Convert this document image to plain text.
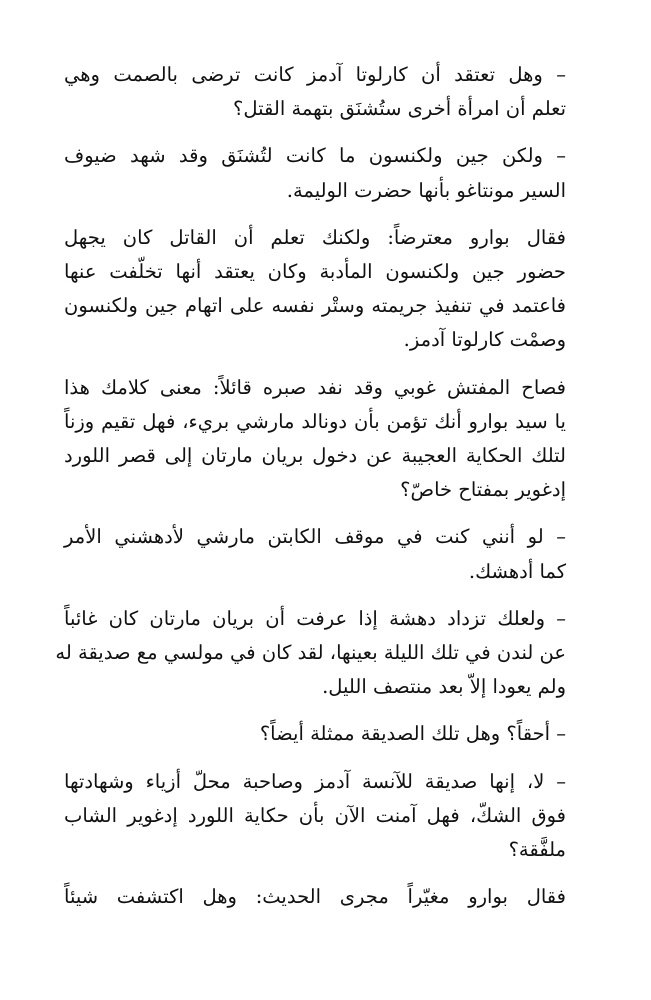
– وهل تعتقد أن كارلوتا آدمز كانت ترضى بالصمت وهي
تعلم أن امرأة أخرى ستُشنَق بتهمة القتل؟

– ولكن جين ولكنسون ما كانت لتُشنَق وقد شهد ضيوف
السير مونتاغو بأنها حضرت الوليمة.

فقال بوارو معترضاً: ولكنك تعلم أن القاتل كان يجهل
حضور جين ولكنسون المأدبة وكان يعتقد أنها تخلّفت عنها
فاعتمد في تنفيذ جريمته وستْر نفسه على اتهام جين ولكنسون
وصمْت كارلوتا آدمز.

فصاح المفتش غوبي وقد نفد صبره قائلاً: معنى كلامك هذا
يا سيد بوارو أنك تؤمن بأن دونالد مارشي بريء، فهل تقيم وزناً
لتلك الحكاية العجيبة عن دخول بريان مارتان إلى قصر اللورد
إدغوير بمفتاح خاصّ؟

– لو أنني كنت في موقف الكابتن مارشي لأدهشني الأمر
كما أدهشك.

– ولعلك تزداد دهشة إذا عرفت أن بريان مارتان كان غائباً
عن لندن في تلك الليلة بعينها، لقد كان في مولسي مع صديقة له
ولم يعودا إلاّ بعد منتصف الليل.

– أحقاً؟ وهل تلك الصديقة ممثلة أيضاً؟

– لا، إنها صديقة للآنسة آدمز وصاحبة محلّ أزياء وشهادتها
فوق الشكّ، فهل آمنت الآن بأن حكاية اللورد إدغوير الشاب
ملفَّقة؟

فقال بوارو مغيّراً مجرى الحديث: وهل اكتشفت شيئاً
